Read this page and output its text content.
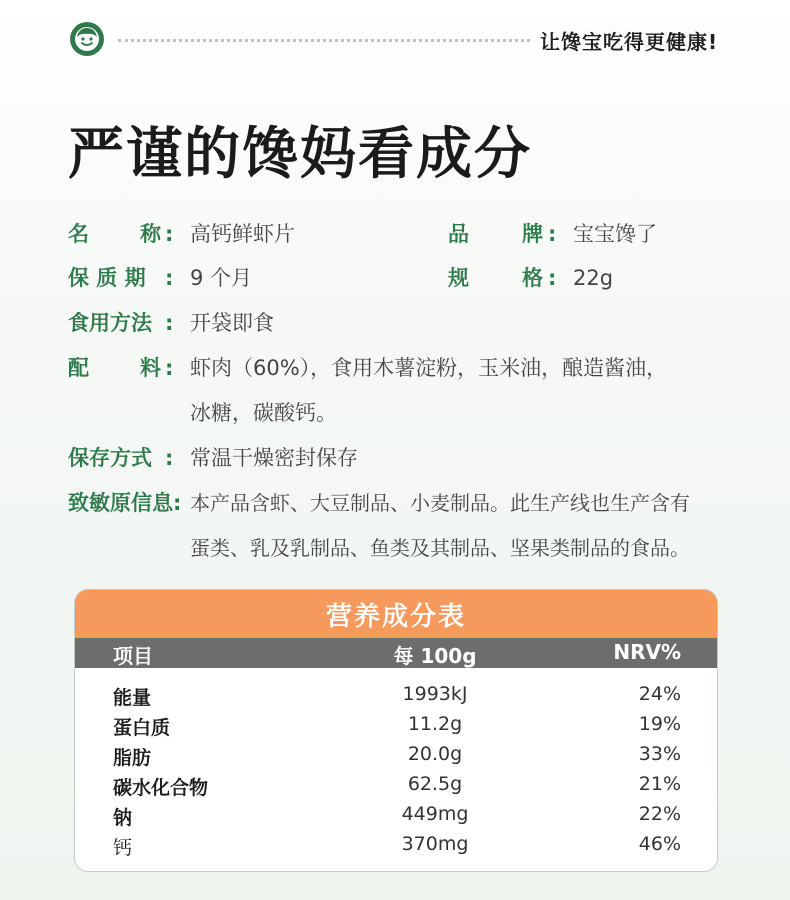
让馋宝吃得更健康!
严谨的馋妈看成分
名 称 : 高钙鲜虾片	品	牌 : 宝宝馋了
保 质 期 : 9 个月	规	格 : 22g
食用方法 : 开袋即食
配 料 : 虾肉（60%），食用木薯淀粉，玉米油，酿造酱油，
冰糖，碳酸钙。
保存方式 : 常温干燥密封保存
致敏原信息 : 本产品含虾、大豆制品、小麦制品。此生产线也生产含有
蛋类、乳及乳制品、鱼类及其制品、坚果类制品的食品。
营养成分表
项目	每 100g	NRV%
能量	1993kJ	24%
蛋白质	11.2g	19%
脂肪	20.0g	33%
碳水化合物	62.5g	21%
钠	449mg	22%
钙	370mg	46%
